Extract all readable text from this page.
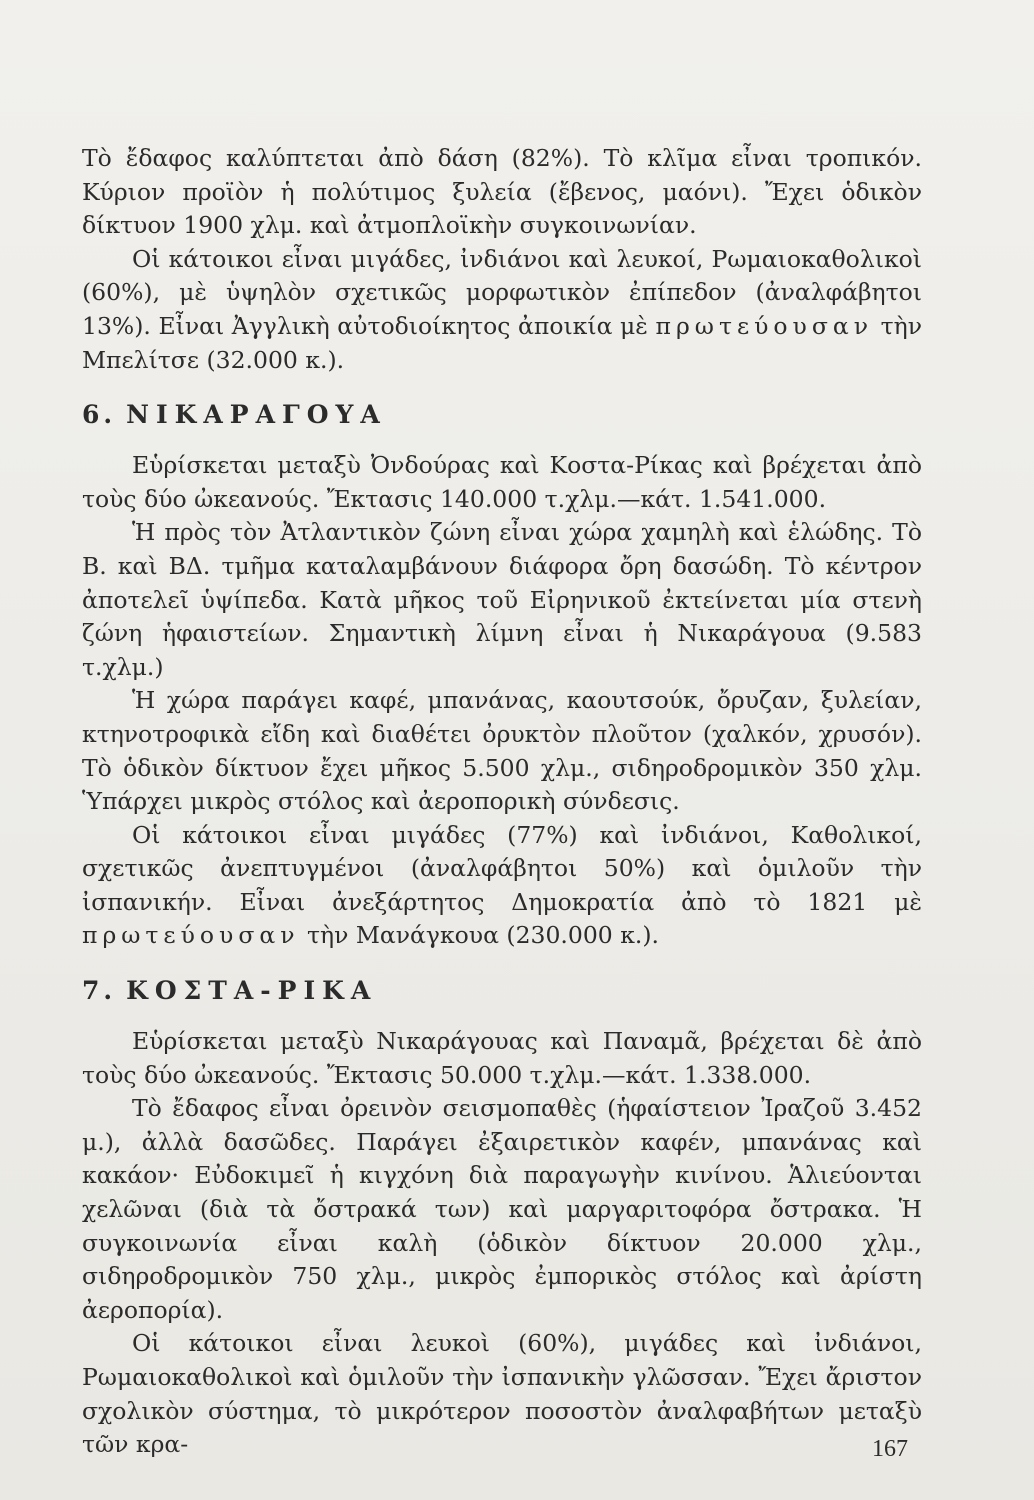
Τὸ ἔδαφος καλύπτεται ἀπὸ δάση (82%). Τὸ κλῖμα εἶναι τροπικόν. Κύριον προϊὸν ἡ πολύτιμος ξυλεία (ἔβενος, μαόνι). Ἔχει ὁδικὸν δίκτυον 1900 χλμ. καὶ ἀτμοπλοϊκὴν συγκοινωνίαν.

Οἱ κάτοικοι εἶναι μιγάδες, ἰνδιάνοι καὶ λευκοί, Ρωμαιοκαθολικοὶ (60%), μὲ ὑψηλὸν σχετικῶς μορφωτικὸν ἐπίπεδον (ἀναλφάβητοι 13%). Εἶναι Ἀγγλικὴ αὐτοδιοίκητος ἀποικία μὲ πρωτεύουσαν τὴν Μπελίτσε (32.000 κ.).

6. ΝΙΚΑΡΑΓΟΥΑ

Εὑρίσκεται μεταξὺ Ὀνδούρας καὶ Κοστα-Ρίκας καὶ βρέχεται ἀπὸ τοὺς δύο ὠκεανούς. Ἔκτασις 140.000 τ.χλμ.—κάτ. 1.541.000.

Ἡ πρὸς τὸν Ἀτλαντικὸν ζώνη εἶναι χώρα χαμηλὴ καὶ ἑλώδης. Τὸ Β. καὶ ΒΔ. τμῆμα καταλαμβάνουν διάφορα ὄρη δασώδη. Τὸ κέντρον ἀποτελεῖ ὑψίπεδα. Κατὰ μῆκος τοῦ Εἰρηνικοῦ ἐκτείνεται μία στενὴ ζώνη ἡφαιστείων. Σημαντικὴ λίμνη εἶναι ἡ Νικαράγουα (9.583 τ.χλμ.)

Ἡ χώρα παράγει καφέ, μπανάνας, καουτσούκ, ὄρυζαν, ξυλείαν, κτηνοτροφικὰ εἴδη καὶ διαθέτει ὀρυκτὸν πλοῦτον (χαλκόν, χρυσόν). Τὸ ὁδικὸν δίκτυον ἔχει μῆκος 5.500 χλμ., σιδηροδρομικὸν 350 χλμ. Ὑπάρχει μικρὸς στόλος καὶ ἀεροπορικὴ σύνδεσις.

Οἱ κάτοικοι εἶναι μιγάδες (77%) καὶ ἰνδιάνοι, Καθολικοί, σχετικῶς ἀνεπτυγμένοι (ἀναλφάβητοι 50%) καὶ ὁμιλοῦν τὴν ἰσπανικήν. Εἶναι ἀνεξάρτητος Δημοκρατία ἀπὸ τὸ 1821 μὲ πρωτεύουσαν τὴν Μανάγκουα (230.000 κ.).

7. ΚΟΣΤΑ-ΡΙΚΑ

Εὑρίσκεται μεταξὺ Νικαράγουας καὶ Παναμᾶ, βρέχεται δὲ ἀπὸ τοὺς δύο ὠκεανούς. Ἔκτασις 50.000 τ.χλμ.—κάτ. 1.338.000.

Τὸ ἔδαφος εἶναι ὀρεινὸν σεισμοπαθὲς (ἡφαίστειον Ἰραζοῦ 3.452 μ.), ἀλλὰ δασῶδες. Παράγει ἐξαιρετικὸν καφέν, μπανάνας καὶ κακάον· Εὐδοκιμεῖ ἡ κιγχόνη διὰ παραγωγὴν κινίνου. Ἁλιεύονται χελῶναι (διὰ τὰ ὄστρακά των) καὶ μαργαριτοφόρα ὄστρακα. Ἡ συγκοινωνία εἶναι καλὴ (ὁδικὸν δίκτυον 20.000 χλμ., σιδηροδρομικὸν 750 χλμ., μικρὸς ἐμπορικὸς στόλος καὶ ἀρίστη ἀεροπορία).

Οἱ κάτοικοι εἶναι λευκοὶ (60%), μιγάδες καὶ ἰνδιάνοι, Ρωμαιοκαθολικοὶ καὶ ὁμιλοῦν τὴν ἰσπανικὴν γλῶσσαν. Ἔχει ἄριστον σχολικὸν σύστημα, τὸ μικρότερον ποσοστὸν ἀναλφαβήτων μεταξὺ τῶν κρα-	167
